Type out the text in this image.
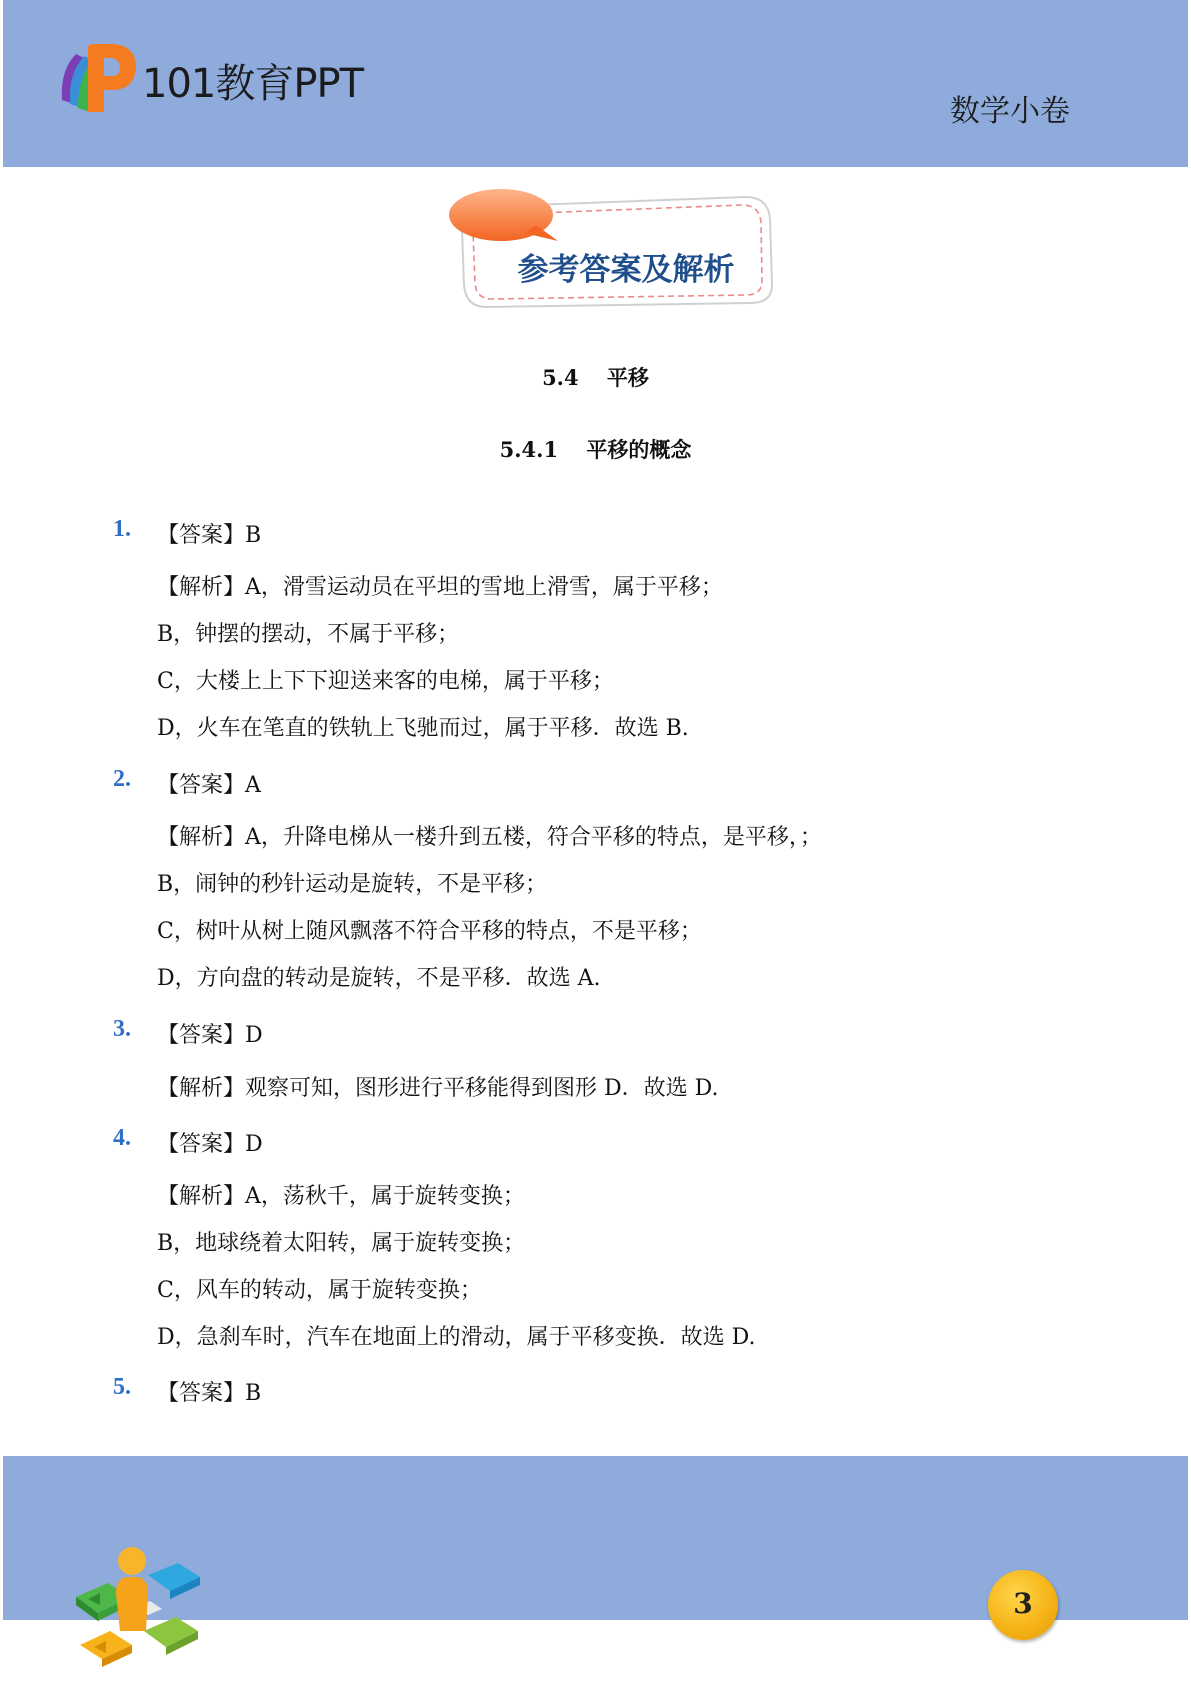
101教育PPT
数学小卷
参考答案及解析
5.4　 平移
5.4.1　 平移的概念
1. 【答案】B
【解析】A，滑雪运动员在平坦的雪地上滑雪，属于平移；
B，钟摆的摆动，不属于平移；
C，大楼上上下下迎送来客的电梯，属于平移；
D，火车在笔直的铁轨上飞驰而过，属于平移．故选 B.
2. 【答案】A
【解析】A，升降电梯从一楼升到五楼，符合平移的特点，是平移，；
B，闹钟的秒针运动是旋转，不是平移；
C，树叶从树上随风飘落不符合平移的特点，不是平移；
D，方向盘的转动是旋转，不是平移．故选 A.
3. 【答案】D
【解析】观察可知，图形进行平移能得到图形 D．故选 D.
4. 【答案】D
【解析】A，荡秋千，属于旋转变换；
B，地球绕着太阳转，属于旋转变换；
C，风车的转动，属于旋转变换；
D，急刹车时，汽车在地面上的滑动，属于平移变换．故选 D.
5. 【答案】B
3
